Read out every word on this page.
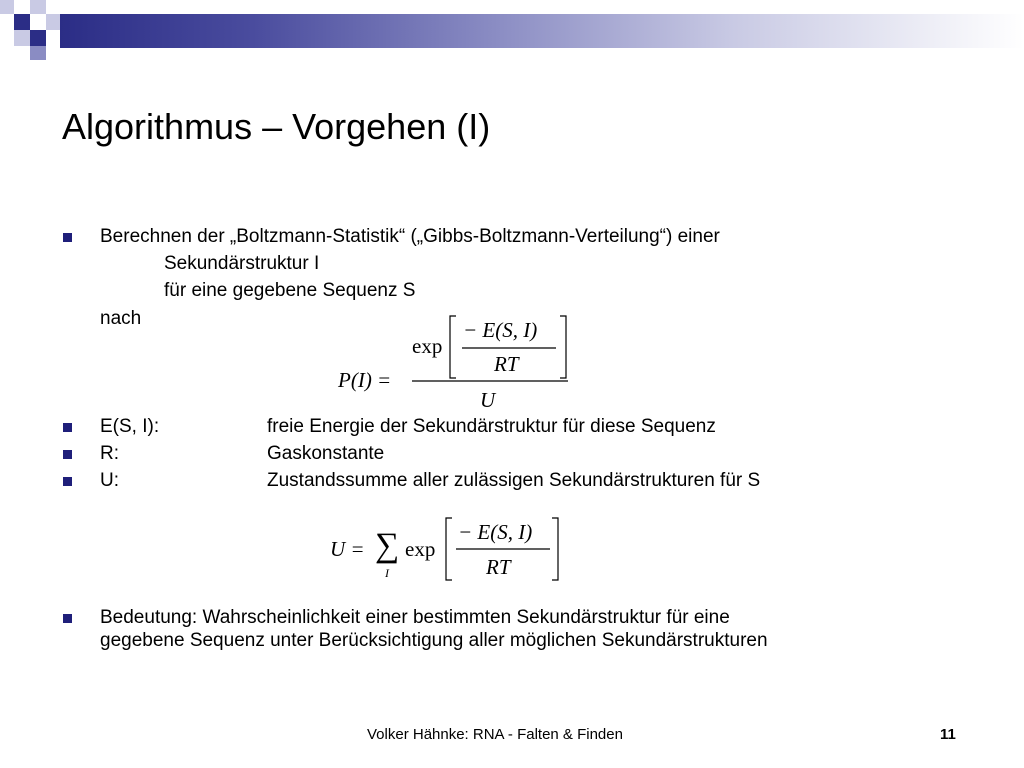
Algorithmus – Vorgehen (I)
Berechnen der „Boltzmann-Statistik“ („Gibbs-Boltzmann-Verteilung“) einer
Sekundärstruktur I
für eine gegebene Sequenz S
nach
P(I) =
exp
− E(S, I)
RT
U
E(S, I):	freie Energie der Sekundärstruktur für diese Sequenz
R:	Gaskonstante
U:	Zustandssumme aller zulässigen Sekundärstrukturen für S
U = ∑
I
exp
− E(S, I)
RT
Bedeutung: Wahrscheinlichkeit einer bestimmten Sekundärstruktur für eine
gegebene Sequenz unter Berücksichtigung aller möglichen Sekundärstrukturen
Volker Hähnke: RNA - Falten & Finden	11
